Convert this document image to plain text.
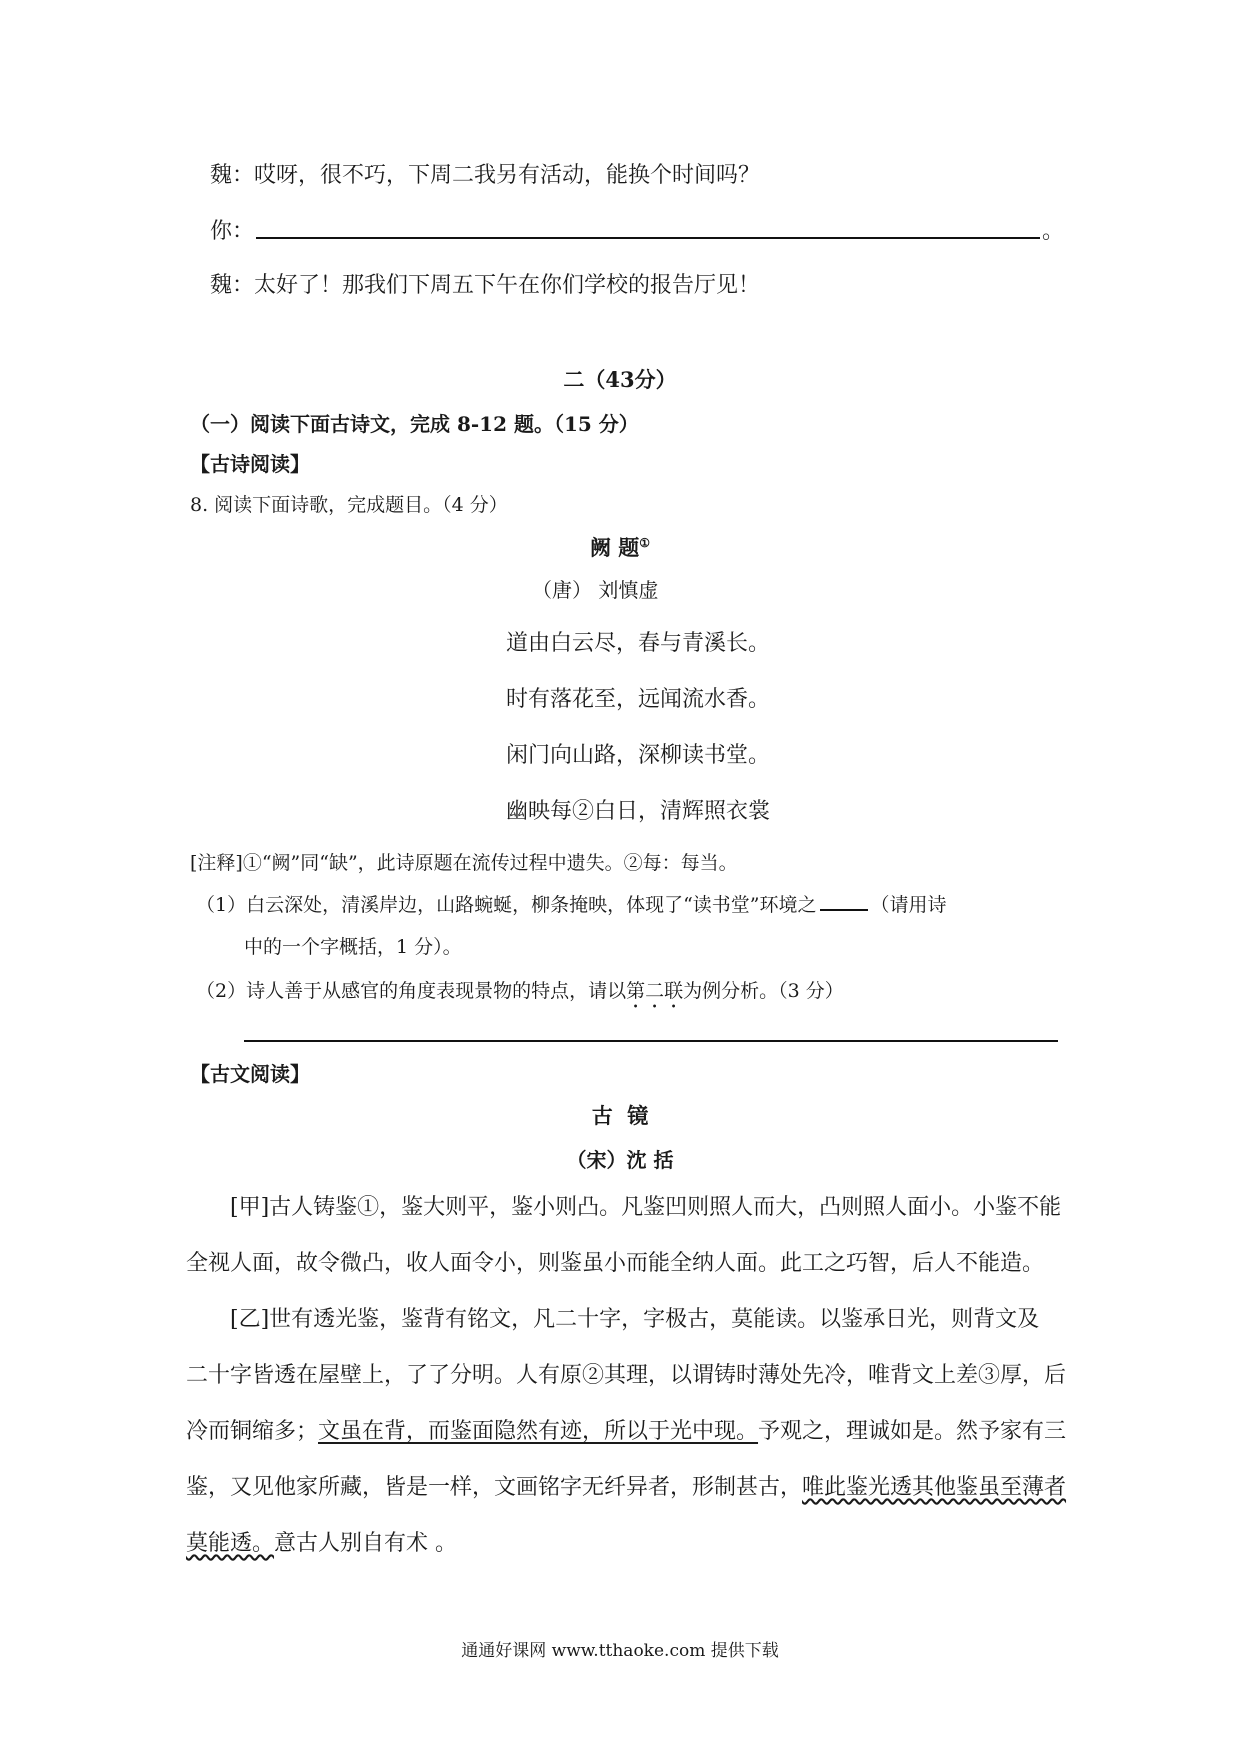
魏：哎呀，很不巧，下周二我另有活动，能换个时间吗？
你：	。
魏：太好了！那我们下周五下午在你们学校的报告厅见！
二（43分）
（一）阅读下面古诗文，完成 8-12 题。（15 分）
【古诗阅读】
8. 阅读下面诗歌，完成题目。（4 分）
阙 题①
（唐） 刘慎虚
道由白云尽，春与青溪长。
时有落花至，远闻流水香。
闲门向山路，深柳读书堂。
幽映每②白日，清辉照衣裳
[注释]①“阙”同“缺”，此诗原题在流传过程中遗失。②每：每当。
（1）白云深处，清溪岸边，山路蜿蜒，柳条掩映，体现了“读书堂”环境之	（请用诗
中的一个字概括，1 分）。
（2）诗人善于从感官的角度表现景物的特点，请以第二联为例分析。（3 分）
【古文阅读】
古  镜
（宋）沈 括
[甲]古人铸鉴①，鉴大则平，鉴小则凸。凡鉴凹则照人而大，凸则照人面小。小鉴不能
全视人面，故令微凸，收人面令小，则鉴虽小而能全纳人面。此工之巧智，后人不能造。
[乙]世有透光鉴，鉴背有铭文，凡二十字，字极古，莫能读。以鉴承日光，则背文及
二十字皆透在屋壁上，了了分明。人有原②其理，以谓铸时薄处先冷，唯背文上差③厚，后
冷而铜缩多；文虽在背，而鉴面隐然有迹，所以于光中现。予观之，理诚如是。然予家有三
鉴，又见他家所藏，皆是一样，文画铭字无纤异者，形制甚古，唯此鉴光透其他鉴虽至薄者
莫能透。意古人别自有术 。
通通好课网 www.tthaoke.com 提供下载
